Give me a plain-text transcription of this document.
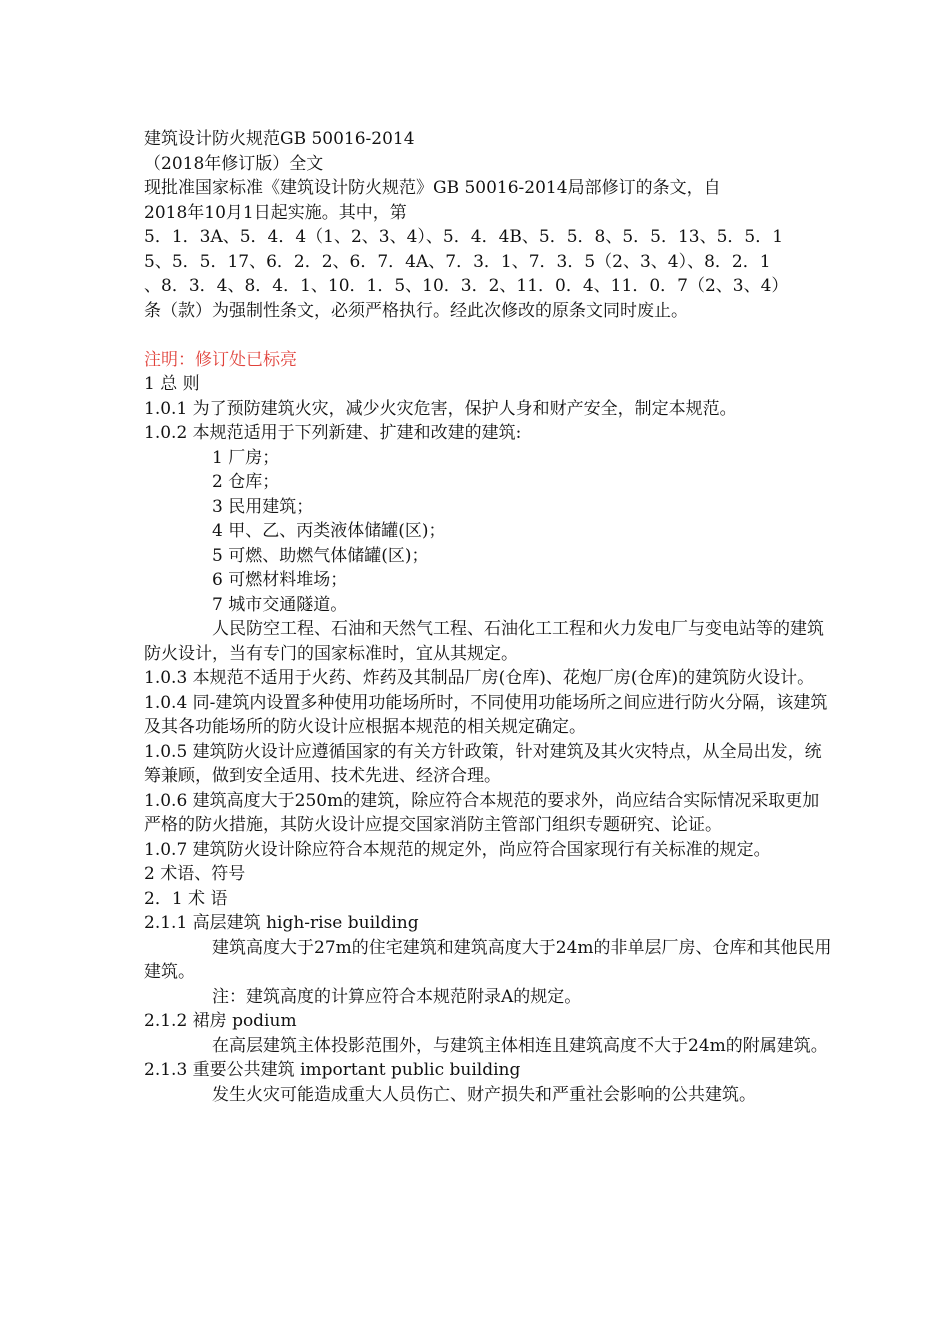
建筑设计防火规范GB 50016-2014

（2018年修订版）全文

现批准国家标准《建筑设计防火规范》GB 50016-2014局部修订的条文，自

2018年10月1日起实施。其中，第

5．1．3A、5．4．4（1、2、3、4）、5．4．4B、5．5．8、5．5．13、5．5．1

5、5．5．17、6．2．2、6．7．4A、7．3．1、7．3．5（2、3、4）、8．2．1

、8．3．4、8．4．1、10．1．5、10．3．2、11．0．4、11．0．7（2、3、4）

条（款）为强制性条文，必须严格执行。经此次修改的原条文同时废止。

注明：修订处已标亮

1 总 则

1.0.1 为了预防建筑火灾，减少火灾危害，保护人身和财产安全，制定本规范。

1.0.2 本规范适用于下列新建、扩建和改建的建筑:

1 厂房；

2 仓库；

3 民用建筑；

4 甲、乙、丙类液体储罐(区)；

5 可燃、助燃气体储罐(区)；

6 可燃材料堆场；

7 城市交通隧道。

人民防空工程、石油和天然气工程、石油化工工程和火力发电厂与变电站等的建筑防火设计，当有专门的国家标准时，宜从其规定。

1.0.3 本规范不适用于火药、炸药及其制品厂房(仓库)、花炮厂房(仓库)的建筑防火设计。

1.0.4 同-建筑内设置多种使用功能场所时，不同使用功能场所之间应进行防火分隔，该建筑及其各功能场所的防火设计应根据本规范的相关规定确定。

1.0.5 建筑防火设计应遵循国家的有关方针政策，针对建筑及其火灾特点，从全局出发，统筹兼顾，做到安全适用、技术先进、经济合理。

1.0.6 建筑高度大于250m的建筑，除应符合本规范的要求外，尚应结合实际情况采取更加严格的防火措施，其防火设计应提交国家消防主管部门组织专题研究、论证。

1.0.7 建筑防火设计除应符合本规范的规定外，尚应符合国家现行有关标准的规定。

2 术语、符号

2．1 术 语

2.1.1 高层建筑 high-rise building

建筑高度大于27m的住宅建筑和建筑高度大于24m的非单层厂房、仓库和其他民用建筑。

注：建筑高度的计算应符合本规范附录A的规定。

2.1.2 裙房 podium

在高层建筑主体投影范围外，与建筑主体相连且建筑高度不大于24m的附属建筑。

2.1.3 重要公共建筑 important public building

发生火灾可能造成重大人员伤亡、财产损失和严重社会影响的公共建筑。
